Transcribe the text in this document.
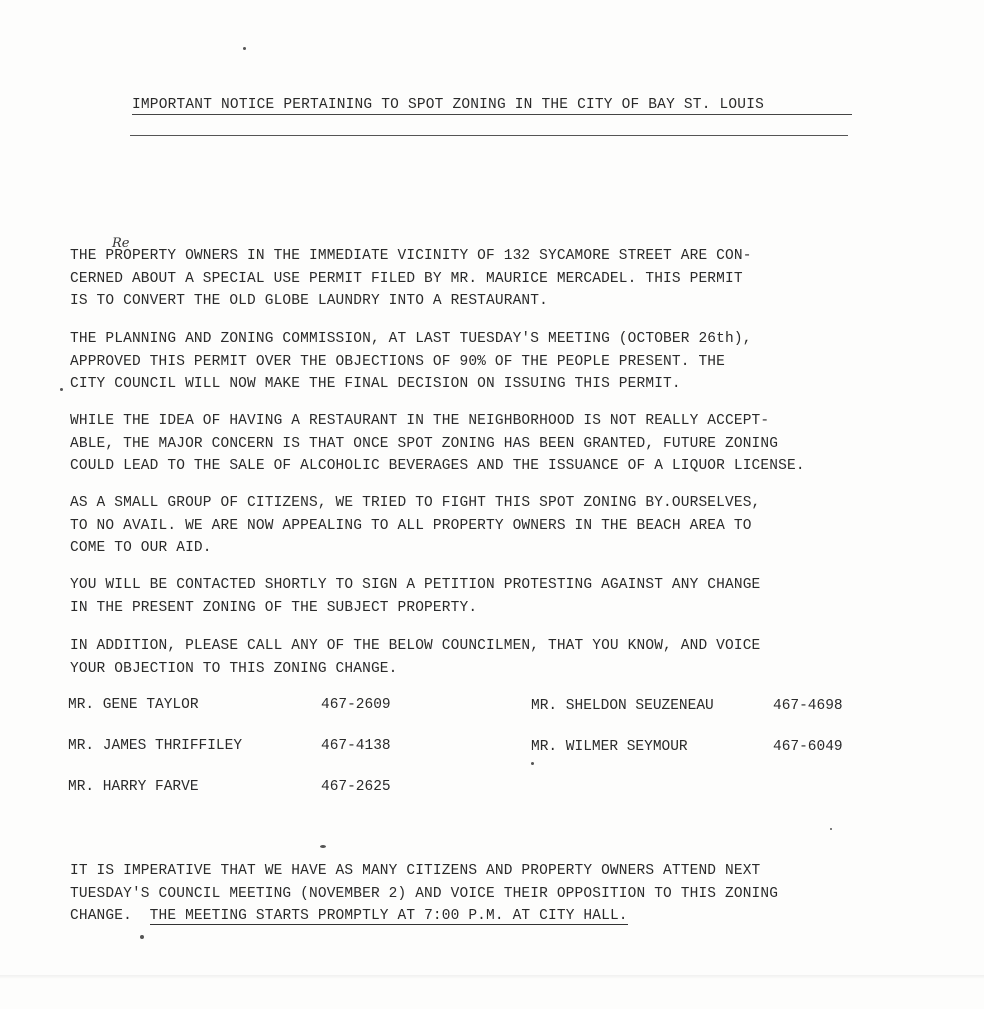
IMPORTANT NOTICE PERTAINING TO SPOT ZONING IN THE CITY OF BAY ST. LOUIS
Re
THE PROPERTY OWNERS IN THE IMMEDIATE VICINITY OF 132 SYCAMORE STREET ARE CON-
CERNED ABOUT A SPECIAL USE PERMIT FILED BY MR. MAURICE MERCADEL. THIS PERMIT
IS TO CONVERT THE OLD GLOBE LAUNDRY INTO A RESTAURANT.
THE PLANNING AND ZONING COMMISSION, AT LAST TUESDAY'S MEETING (OCTOBER 26th),
APPROVED THIS PERMIT OVER THE OBJECTIONS OF 90% OF THE PEOPLE PRESENT. THE
CITY COUNCIL WILL NOW MAKE THE FINAL DECISION ON ISSUING THIS PERMIT.
WHILE THE IDEA OF HAVING A RESTAURANT IN THE NEIGHBORHOOD IS NOT REALLY ACCEPT-
ABLE, THE MAJOR CONCERN IS THAT ONCE SPOT ZONING HAS BEEN GRANTED, FUTURE ZONING
COULD LEAD TO THE SALE OF ALCOHOLIC BEVERAGES AND THE ISSUANCE OF A LIQUOR LICENSE.
AS A SMALL GROUP OF CITIZENS, WE TRIED TO FIGHT THIS SPOT ZONING BY.OURSELVES,
TO NO AVAIL. WE ARE NOW APPEALING TO ALL PROPERTY OWNERS IN THE BEACH AREA TO
COME TO OUR AID.
YOU WILL BE CONTACTED SHORTLY TO SIGN A PETITION PROTESTING AGAINST ANY CHANGE
IN THE PRESENT ZONING OF THE SUBJECT PROPERTY.
IN ADDITION, PLEASE CALL ANY OF THE BELOW COUNCILMEN, THAT YOU KNOW, AND VOICE
YOUR OBJECTION TO THIS ZONING CHANGE.
MR. GENE TAYLOR	467-2609
MR. JAMES THRIFFILEY	467-4138
MR. HARRY FARVE	467-2625
MR. SHELDON SEUZENEAU	467-4698
MR. WILMER SEYMOUR	467-6049
IT IS IMPERATIVE THAT WE HAVE AS MANY CITIZENS AND PROPERTY OWNERS ATTEND NEXT
TUESDAY'S COUNCIL MEETING (NOVEMBER 2) AND VOICE THEIR OPPOSITION TO THIS ZONING
CHANGE.  THE MEETING STARTS PROMPTLY AT 7:00 P.M. AT CITY HALL.
